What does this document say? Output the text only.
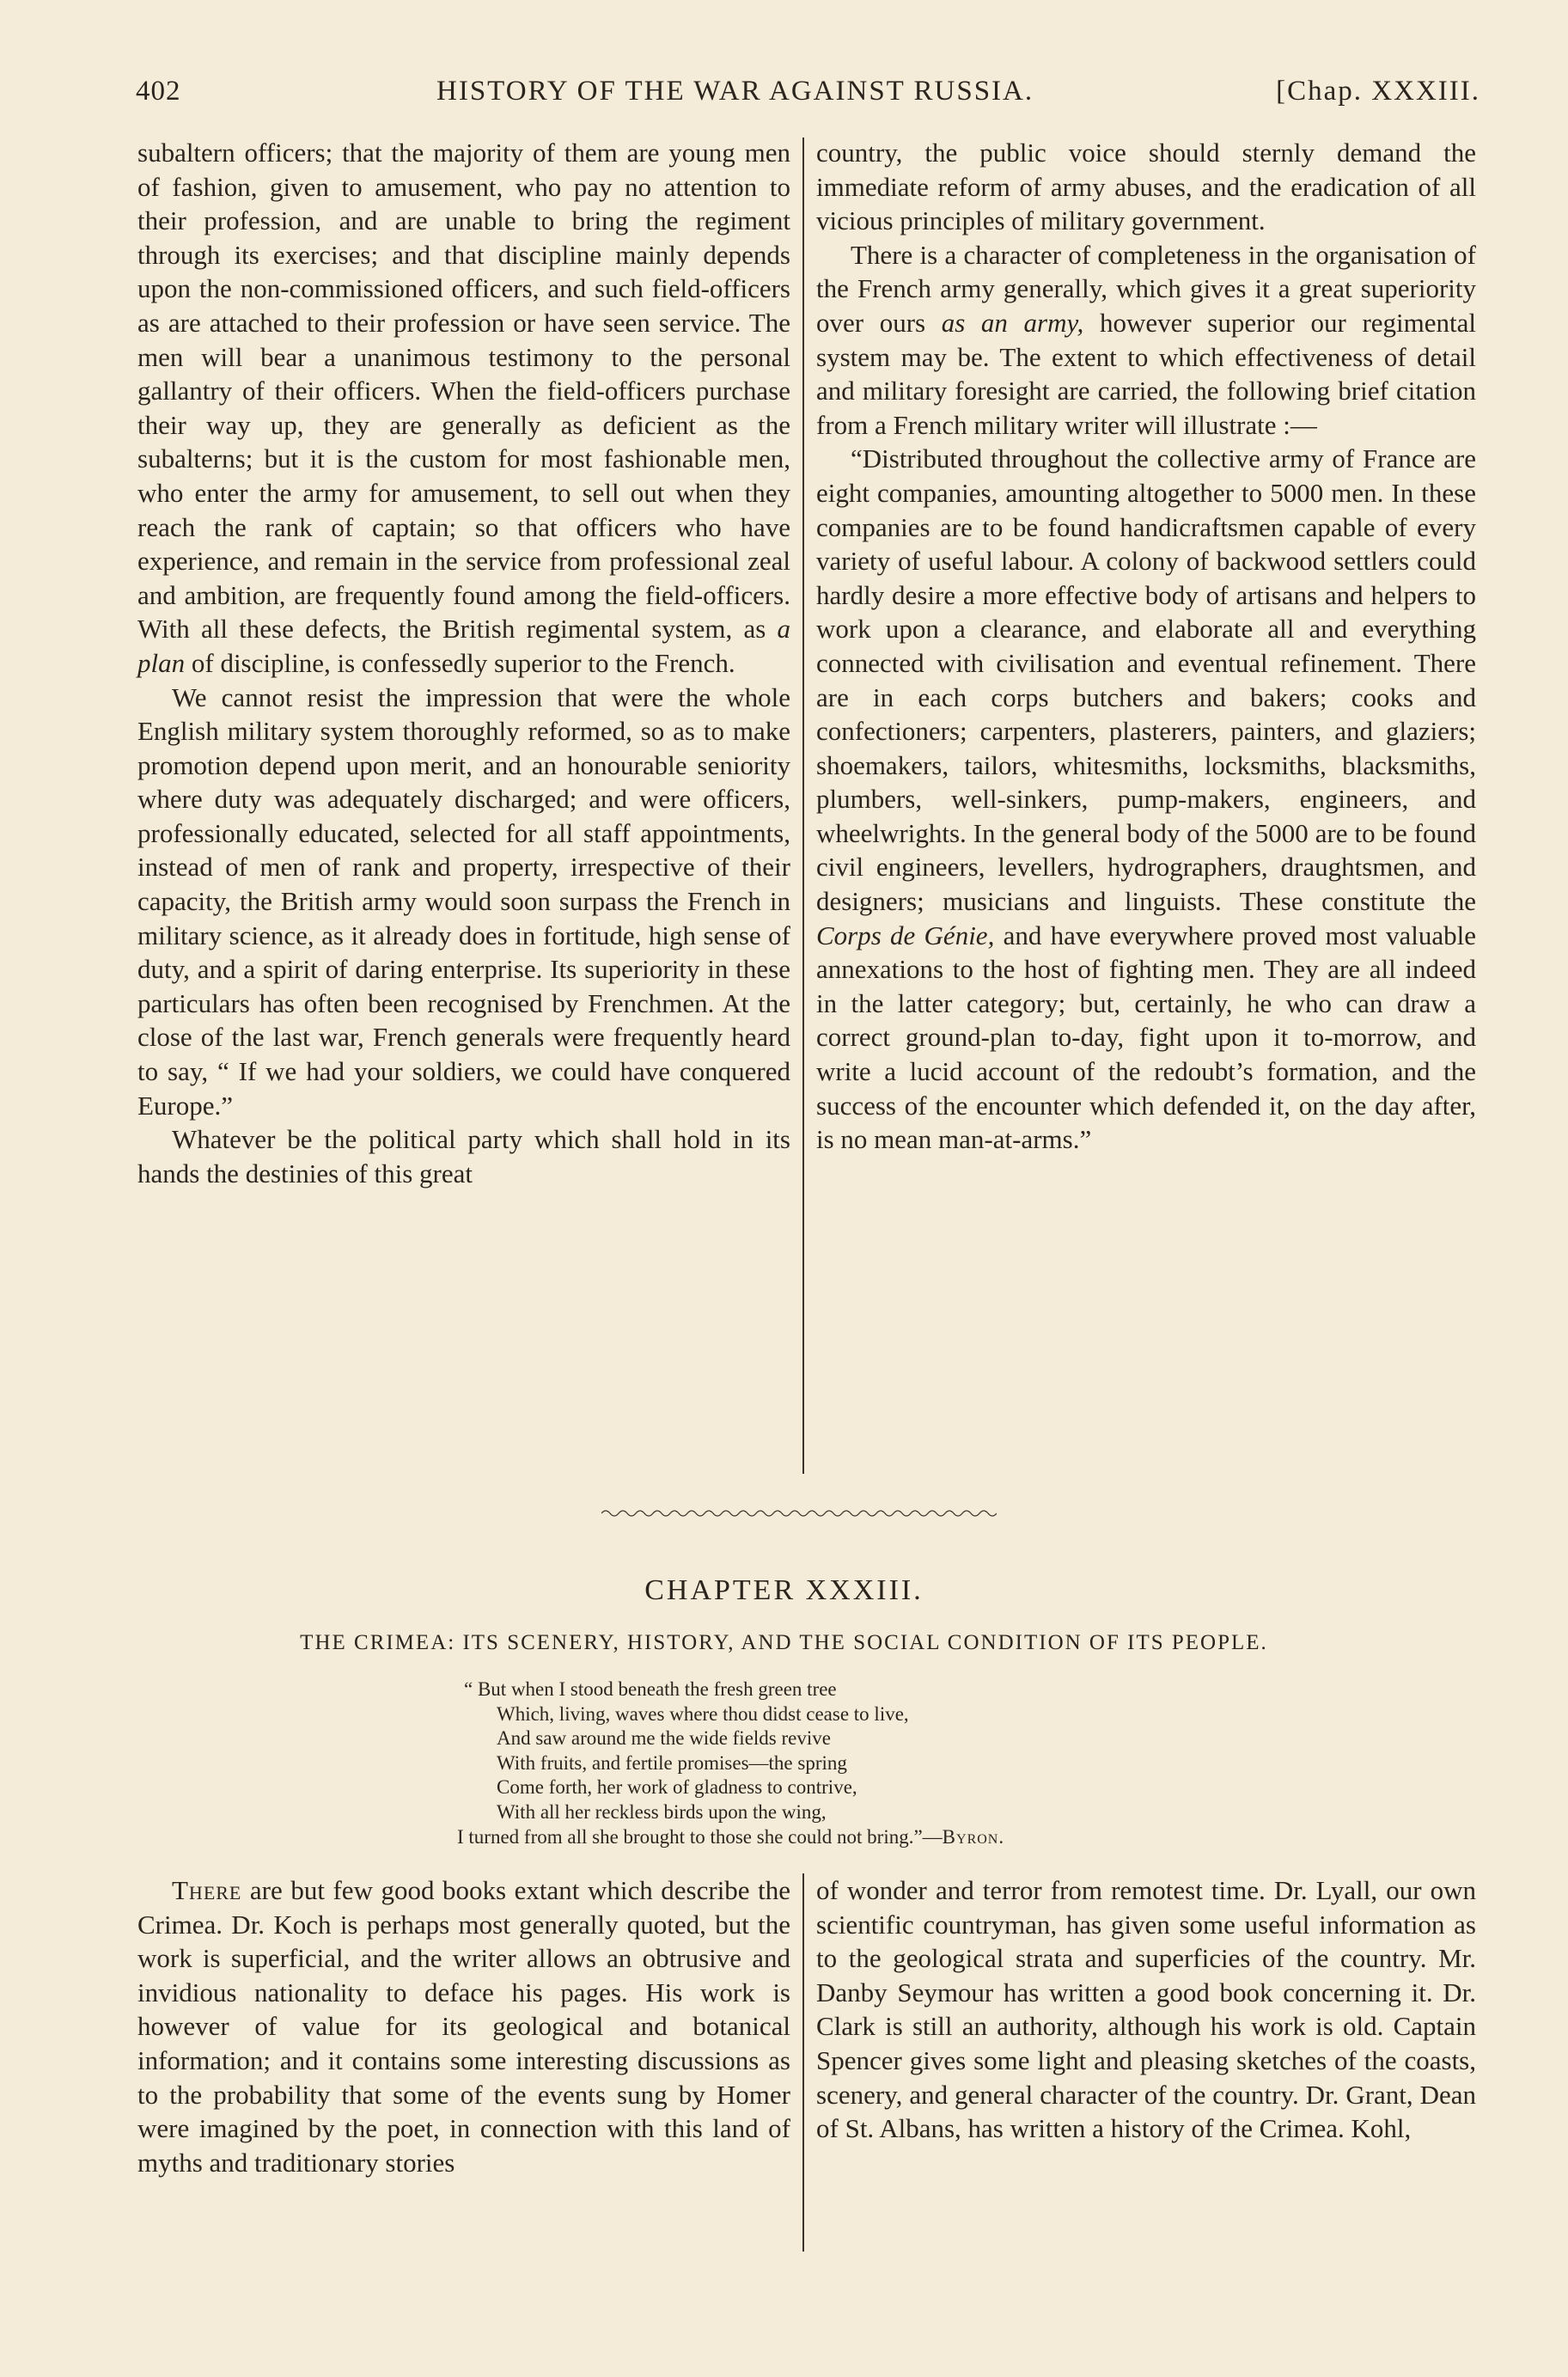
402	HISTORY OF THE WAR AGAINST RUSSIA.	[Chap. XXXIII.

subaltern officers; that the majority of them are young men of fashion, given to amusement, who pay no attention to their profession, and are unable to bring the regiment through its exercises; and that discipline mainly depends upon the non-commissioned officers, and such field-officers as are attached to their profession or have seen service. The men will bear a unanimous testimony to the personal gallantry of their officers. When the field-officers purchase their way up, they are generally as deficient as the subalterns; but it is the custom for most fashionable men, who enter the army for amusement, to sell out when they reach the rank of captain; so that officers who have experience, and remain in the service from professional zeal and ambition, are frequently found among the field-officers. With all these defects, the British regimental system, as a plan of discipline, is confessedly superior to the French.

We cannot resist the impression that were the whole English military system thoroughly reformed, so as to make promotion depend upon merit, and an honourable seniority where duty was adequately discharged; and were officers, professionally educated, selected for all staff appointments, instead of men of rank and property, irrespective of their capacity, the British army would soon surpass the French in military science, as it already does in fortitude, high sense of duty, and a spirit of daring enterprise. Its superiority in these particulars has often been recognised by Frenchmen. At the close of the last war, French generals were frequently heard to say, “ If we had your soldiers, we could have conquered Europe.”

Whatever be the political party which shall hold in its hands the destinies of this great

country, the public voice should sternly demand the immediate reform of army abuses, and the eradication of all vicious principles of military government.

There is a character of completeness in the organisation of the French army generally, which gives it a great superiority over ours as an army, however superior our regimental system may be. The extent to which effectiveness of detail and military foresight are carried, the following brief citation from a French military writer will illustrate :—

“Distributed throughout the collective army of France are eight companies, amounting altogether to 5000 men. In these companies are to be found handicraftsmen capable of every variety of useful labour. A colony of backwood settlers could hardly desire a more effective body of artisans and helpers to work upon a clearance, and elaborate all and everything connected with civilisation and eventual refinement. There are in each corps butchers and bakers; cooks and confectioners; carpenters, plasterers, painters, and glaziers; shoemakers, tailors, whitesmiths, locksmiths, blacksmiths, plumbers, well-sinkers, pump-makers, engineers, and wheelwrights. In the general body of the 5000 are to be found civil engineers, levellers, hydrographers, draughtsmen, and designers; musicians and linguists. These constitute the Corps de Génie, and have everywhere proved most valuable annexations to the host of fighting men. They are all indeed in the latter category; but, certainly, he who can draw a correct ground-plan to-day, fight upon it to-morrow, and write a lucid account of the redoubt’s formation, and the success of the encounter which defended it, on the day after, is no mean man-at-arms.”

CHAPTER XXXIII.
THE CRIMEA: ITS SCENERY, HISTORY, AND THE SOCIAL CONDITION OF ITS PEOPLE.
“ But when I stood beneath the fresh green tree
Which, living, waves where thou didst cease to live,
And saw around me the wide fields revive
With fruits, and fertile promises—the spring
Come forth, her work of gladness to contrive,
With all her reckless birds upon the wing,
I turned from all she brought to those she could not bring.”—Byron.

There are but few good books extant which describe the Crimea. Dr. Koch is perhaps most generally quoted, but the work is superficial, and the writer allows an obtrusive and invidious nationality to deface his pages. His work is however of value for its geological and botanical information; and it contains some interesting discussions as to the probability that some of the events sung by Homer were imagined by the poet, in connection with this land of myths and traditionary stories

of wonder and terror from remotest time. Dr. Lyall, our own scientific countryman, has given some useful information as to the geological strata and superficies of the country. Mr. Danby Seymour has written a good book concerning it. Dr. Clark is still an authority, although his work is old. Captain Spencer gives some light and pleasing sketches of the coasts, scenery, and general character of the country. Dr. Grant, Dean of St. Albans, has written a history of the Crimea. Kohl,
